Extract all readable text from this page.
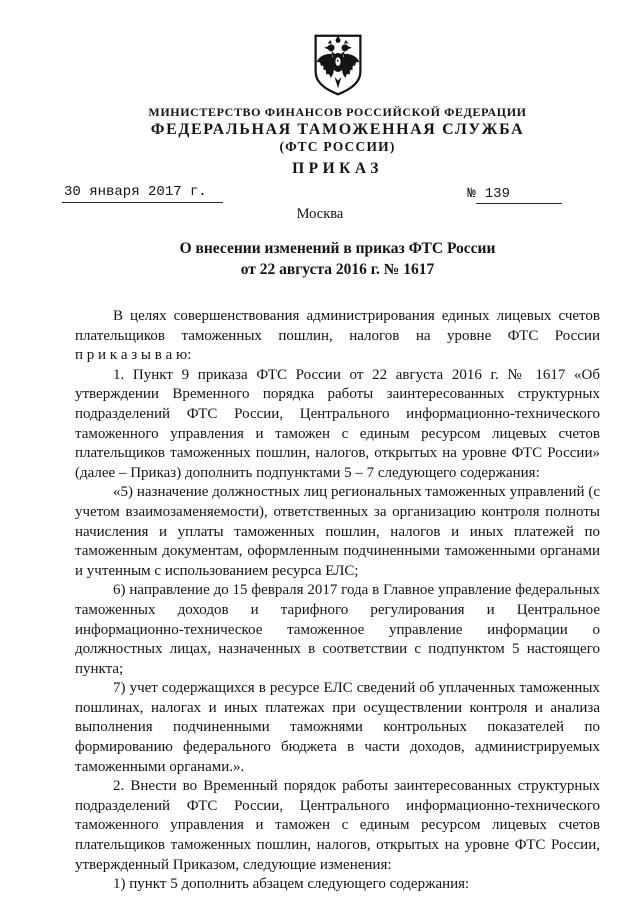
МИНИСТЕРСТВО ФИНАНСОВ РОССИЙСКОЙ ФЕДЕРАЦИИ
ФЕДЕРАЛЬНАЯ ТАМОЖЕННАЯ СЛУЖБА
(ФТС РОССИИ)
ПРИКАЗ
30 января 2017 г.	№ 139
Москва
О внесении изменений в приказ ФТС России
от 22 августа 2016 г. № 1617

В целях совершенствования администрирования единых лицевых счетов плательщиков таможенных пошлин, налогов на уровне ФТС России

п р и к а з ы в а ю:

1. Пункт 9 приказа ФТС России от 22 августа 2016 г. № 1617 «Об утверждении Временного порядка работы заинтересованных структурных подразделений ФТС России, Центрального информационно-технического таможенного управления и таможен с единым ресурсом лицевых счетов плательщиков таможенных пошлин, налогов, открытых на уровне ФТС России» (далее – Приказ) дополнить подпунктами 5 – 7 следующего содержания:

«5) назначение должностных лиц региональных таможенных управлений (с учетом взаимозаменяемости), ответственных за организацию контроля полноты начисления и уплаты таможенных пошлин, налогов и иных платежей по таможенным документам, оформленным подчиненными таможенными органами и учтенным с использованием ресурса ЕЛС;

6) направление до 15 февраля 2017 года в Главное управление федеральных таможенных доходов и тарифного регулирования и Центральное информационно-техническое таможенное управление информации о должностных лицах, назначенных в соответствии с подпунктом 5 настоящего пункта;

7) учет содержащихся в ресурсе ЕЛС сведений об уплаченных таможенных пошлинах, налогах и иных платежах при осуществлении контроля и анализа выполнения подчиненными таможнями контрольных показателей по формированию федерального бюджета в части доходов, администрируемых таможенными органами.».

2. Внести во Временный порядок работы заинтересованных структурных подразделений ФТС России, Центрального информационно-технического таможенного управления и таможен с единым ресурсом лицевых счетов плательщиков таможенных пошлин, налогов, открытых на уровне ФТС России, утвержденный Приказом, следующие изменения:

1) пункт 5 дополнить абзацем следующего содержания:
